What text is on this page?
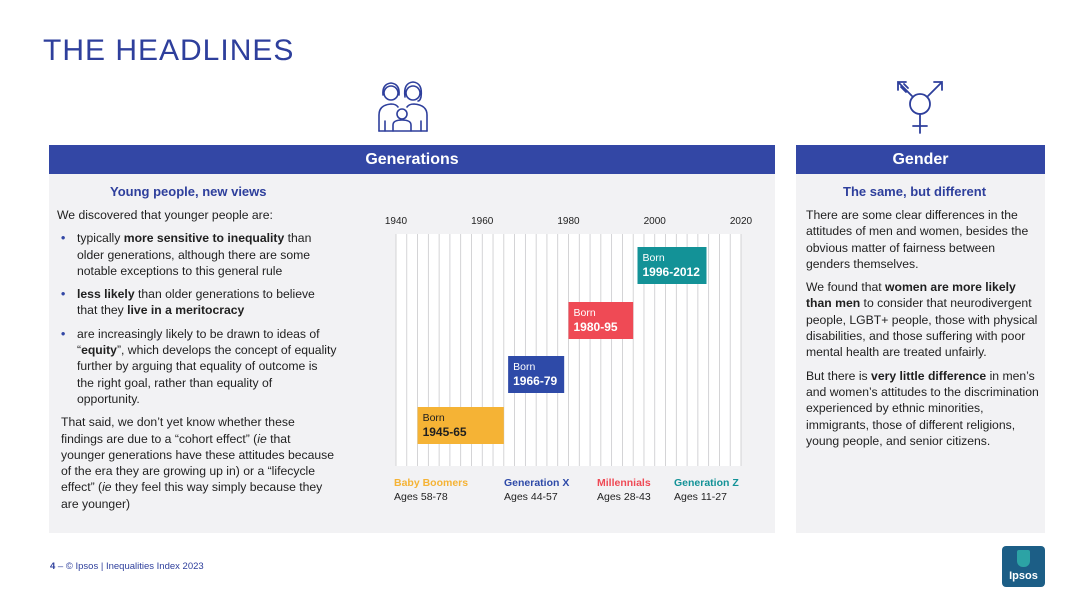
THE HEADLINES
Generations
Young people, new views

We discovered that younger people are:

• typically more sensitive to inequality than older generations, although there are some notable exceptions to this general rule
• less likely than older generations to believe that they live in a meritocracy
• are increasingly likely to be drawn to ideas of “equity”, which develops the concept of equality further by arguing that equality of outcome is the right goal, rather than equality of opportunity.

That said, we don’t yet know whether these findings are due to a “cohort effect” (ie that younger generations have these attitudes because of the era they are growing up in) or a “lifecycle effect” (ie they feel this way simply because they are younger)

Gender
The same, but different

There are some clear differences in the attitudes of men and women, besides the obvious matter of fairness between genders themselves.

We found that women are more likely than men to consider that neurodivergent people, LGBT+ people, those with physical disabilities, and those suffering with poor mental health are treated unfairly.

But there is very little difference in men’s and women’s attitudes to the discrimination experienced by ethnic minorities, immigrants, those of different religions, young people, and senior citizens.

1940	1960	1980	2000	2020
Born
1945-65
Born
1966-79
Born
1980-95
Born
1996-2012
Baby Boomers
Ages 58-78
Generation X
Ages 44-57
Millennials
Ages 28-43
Generation Z
Ages 11-27
4 – © Ipsos | Inequalities Index 2023
Ipsos
